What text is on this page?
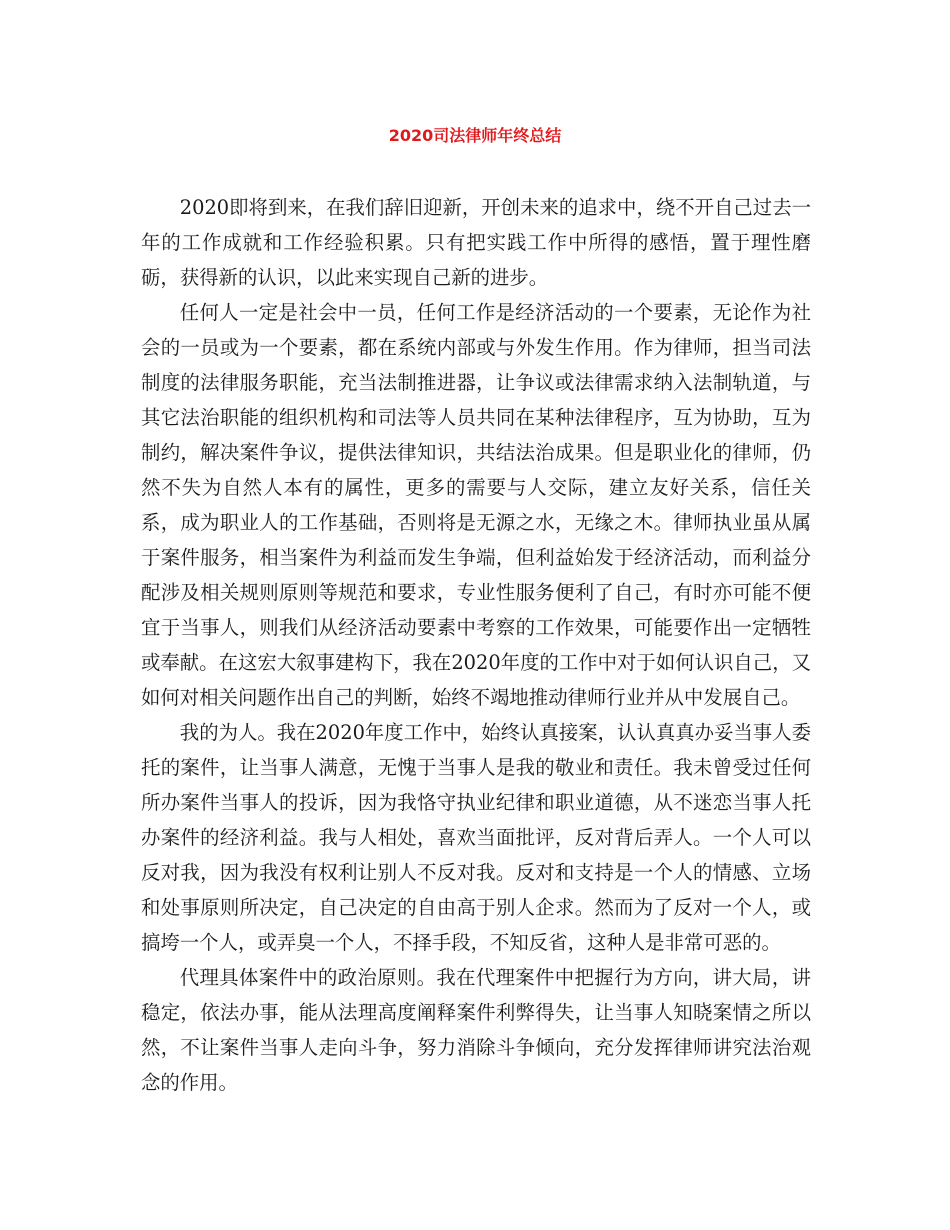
2020司法律师年终总结

2020即将到来，在我们辞旧迎新，开创未来的追求中，绕不开自己过去一年的工作成就和工作经验积累。只有把实践工作中所得的感悟，置于理性磨砺，获得新的认识，以此来实现自己新的进步。

任何人一定是社会中一员，任何工作是经济活动的一个要素，无论作为社会的一员或为一个要素，都在系统内部或与外发生作用。作为律师，担当司法制度的法律服务职能，充当法制推进器，让争议或法律需求纳入法制轨道，与其它法治职能的组织机构和司法等人员共同在某种法律程序，互为协助，互为制约，解决案件争议，提供法律知识，共结法治成果。但是职业化的律师，仍然不失为自然人本有的属性，更多的需要与人交际，建立友好关系，信任关系，成为职业人的工作基础，否则将是无源之水，无缘之木。律师执业虽从属于案件服务，相当案件为利益而发生争端，但利益始发于经济活动，而利益分配涉及相关规则原则等规范和要求，专业性服务便利了自己，有时亦可能不便宜于当事人，则我们从经济活动要素中考察的工作效果，可能要作出一定牺牲或奉献。在这宏大叙事建构下，我在2020年度的工作中对于如何认识自己，又如何对相关问题作出自己的判断，始终不竭地推动律师行业并从中发展自己。

我的为人。我在2020年度工作中，始终认真接案，认认真真办妥当事人委托的案件，让当事人满意，无愧于当事人是我的敬业和责任。我未曾受过任何所办案件当事人的投诉，因为我恪守执业纪律和职业道德，从不迷恋当事人托办案件的经济利益。我与人相处，喜欢当面批评，反对背后弄人。一个人可以反对我，因为我没有权利让别人不反对我。反对和支持是一个人的情感、立场和处事原则所决定，自己决定的自由高于别人企求。然而为了反对一个人，或搞垮一个人，或弄臭一个人，不择手段，不知反省，这种人是非常可恶的。

代理具体案件中的政治原则。我在代理案件中把握行为方向，讲大局，讲稳定，依法办事，能从法理高度阐释案件利弊得失，让当事人知晓案情之所以然，不让案件当事人走向斗争，努力消除斗争倾向，充分发挥律师讲究法治观念的作用。
